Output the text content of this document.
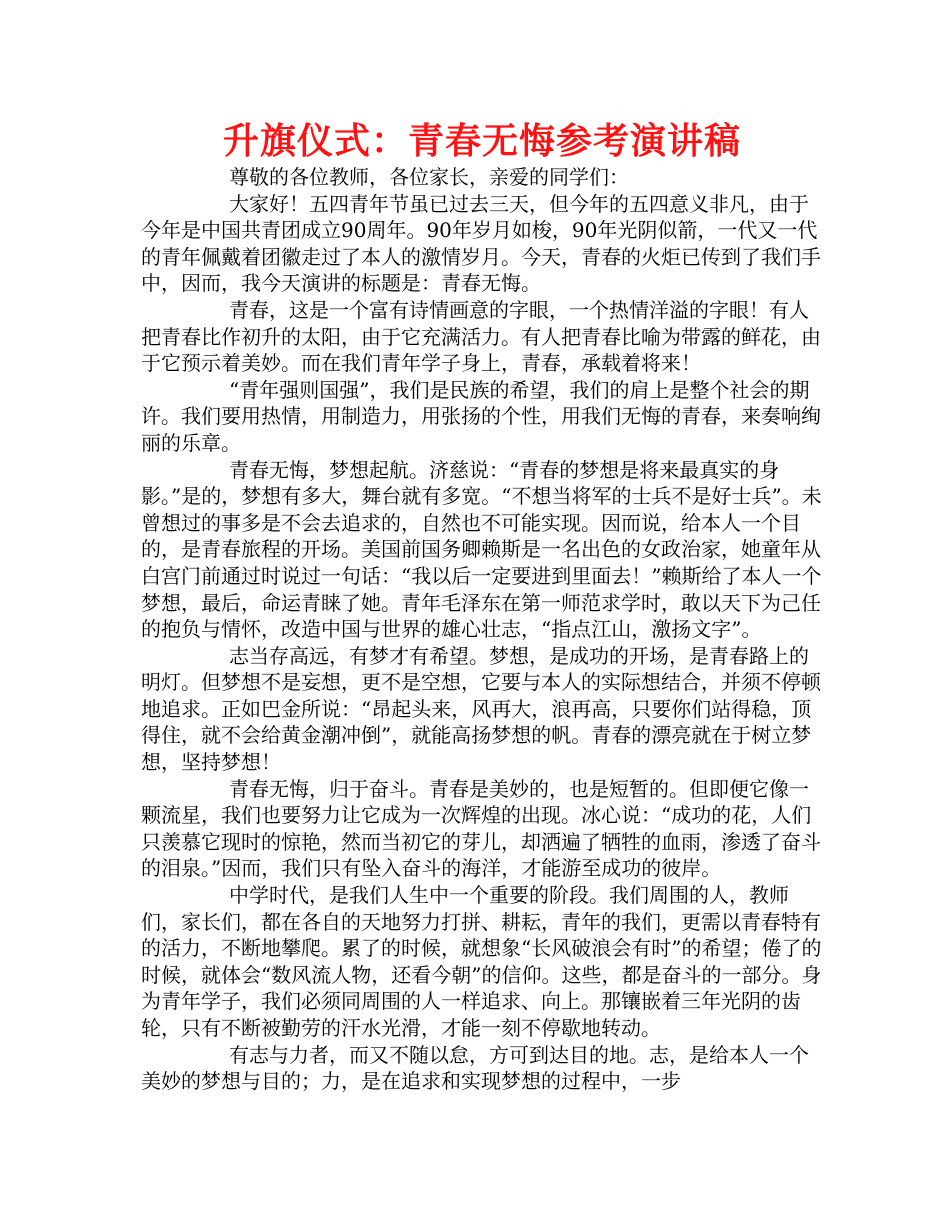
升旗仪式：青春无悔参考演讲稿

尊敬的各位教师，各位家长，亲爱的同学们：

大家好！五四青年节虽已过去三天，但今年的五四意义非凡，由于今年是中国共青团成立90周年。90年岁月如梭，90年光阴似箭，一代又一代的青年佩戴着团徽走过了本人的激情岁月。今天，青春的火炬已传到了我们手中，因而，我今天演讲的标题是：青春无悔。

青春，这是一个富有诗情画意的字眼，一个热情洋溢的字眼！有人把青春比作初升的太阳，由于它充满活力。有人把青春比喻为带露的鲜花，由于它预示着美妙。而在我们青年学子身上，青春，承载着将来！

“青年强则国强”，我们是民族的希望，我们的肩上是整个社会的期许。我们要用热情，用制造力，用张扬的个性，用我们无悔的青春，来奏响绚丽的乐章。

青春无悔，梦想起航。济慈说：“青春的梦想是将来最真实的身影。”是的，梦想有多大，舞台就有多宽。“不想当将军的士兵不是好士兵”。未曾想过的事多是不会去追求的，自然也不可能实现。因而说，给本人一个目的，是青春旅程的开场。美国前国务卿赖斯是一名出色的女政治家，她童年从白宫门前通过时说过一句话：“我以后一定要进到里面去！”赖斯给了本人一个梦想，最后，命运青睐了她。青年毛泽东在第一师范求学时，敢以天下为己任的抱负与情怀，改造中国与世界的雄心壮志，“指点江山，激扬文字”。

志当存高远，有梦才有希望。梦想，是成功的开场，是青春路上的明灯。但梦想不是妄想，更不是空想，它要与本人的实际想结合，并须不停顿地追求。正如巴金所说：“昂起头来，风再大，浪再高，只要你们站得稳，顶得住，就不会给黄金潮冲倒”，就能高扬梦想的帆。青春的漂亮就在于树立梦想，坚持梦想！

青春无悔，归于奋斗。青春是美妙的，也是短暂的。但即便它像一颗流星，我们也要努力让它成为一次辉煌的出现。冰心说：“成功的花，人们只羡慕它现时的惊艳，然而当初它的芽儿，却洒遍了牺牲的血雨，渗透了奋斗的泪泉。”因而，我们只有坠入奋斗的海洋，才能游至成功的彼岸。

中学时代，是我们人生中一个重要的阶段。我们周围的人，教师们，家长们，都在各自的天地努力打拼、耕耘，青年的我们，更需以青春特有的活力，不断地攀爬。累了的时候，就想象“长风破浪会有时”的希望；倦了的时候，就体会“数风流人物，还看今朝”的信仰。这些，都是奋斗的一部分。身为青年学子，我们必须同周围的人一样追求、向上。那镶嵌着三年光阴的齿轮，只有不断被勤劳的汗水光滑，才能一刻不停歇地转动。

有志与力者，而又不随以怠，方可到达目的地。志，是给本人一个美妙的梦想与目的；力，是在追求和实现梦想的过程中，一步
